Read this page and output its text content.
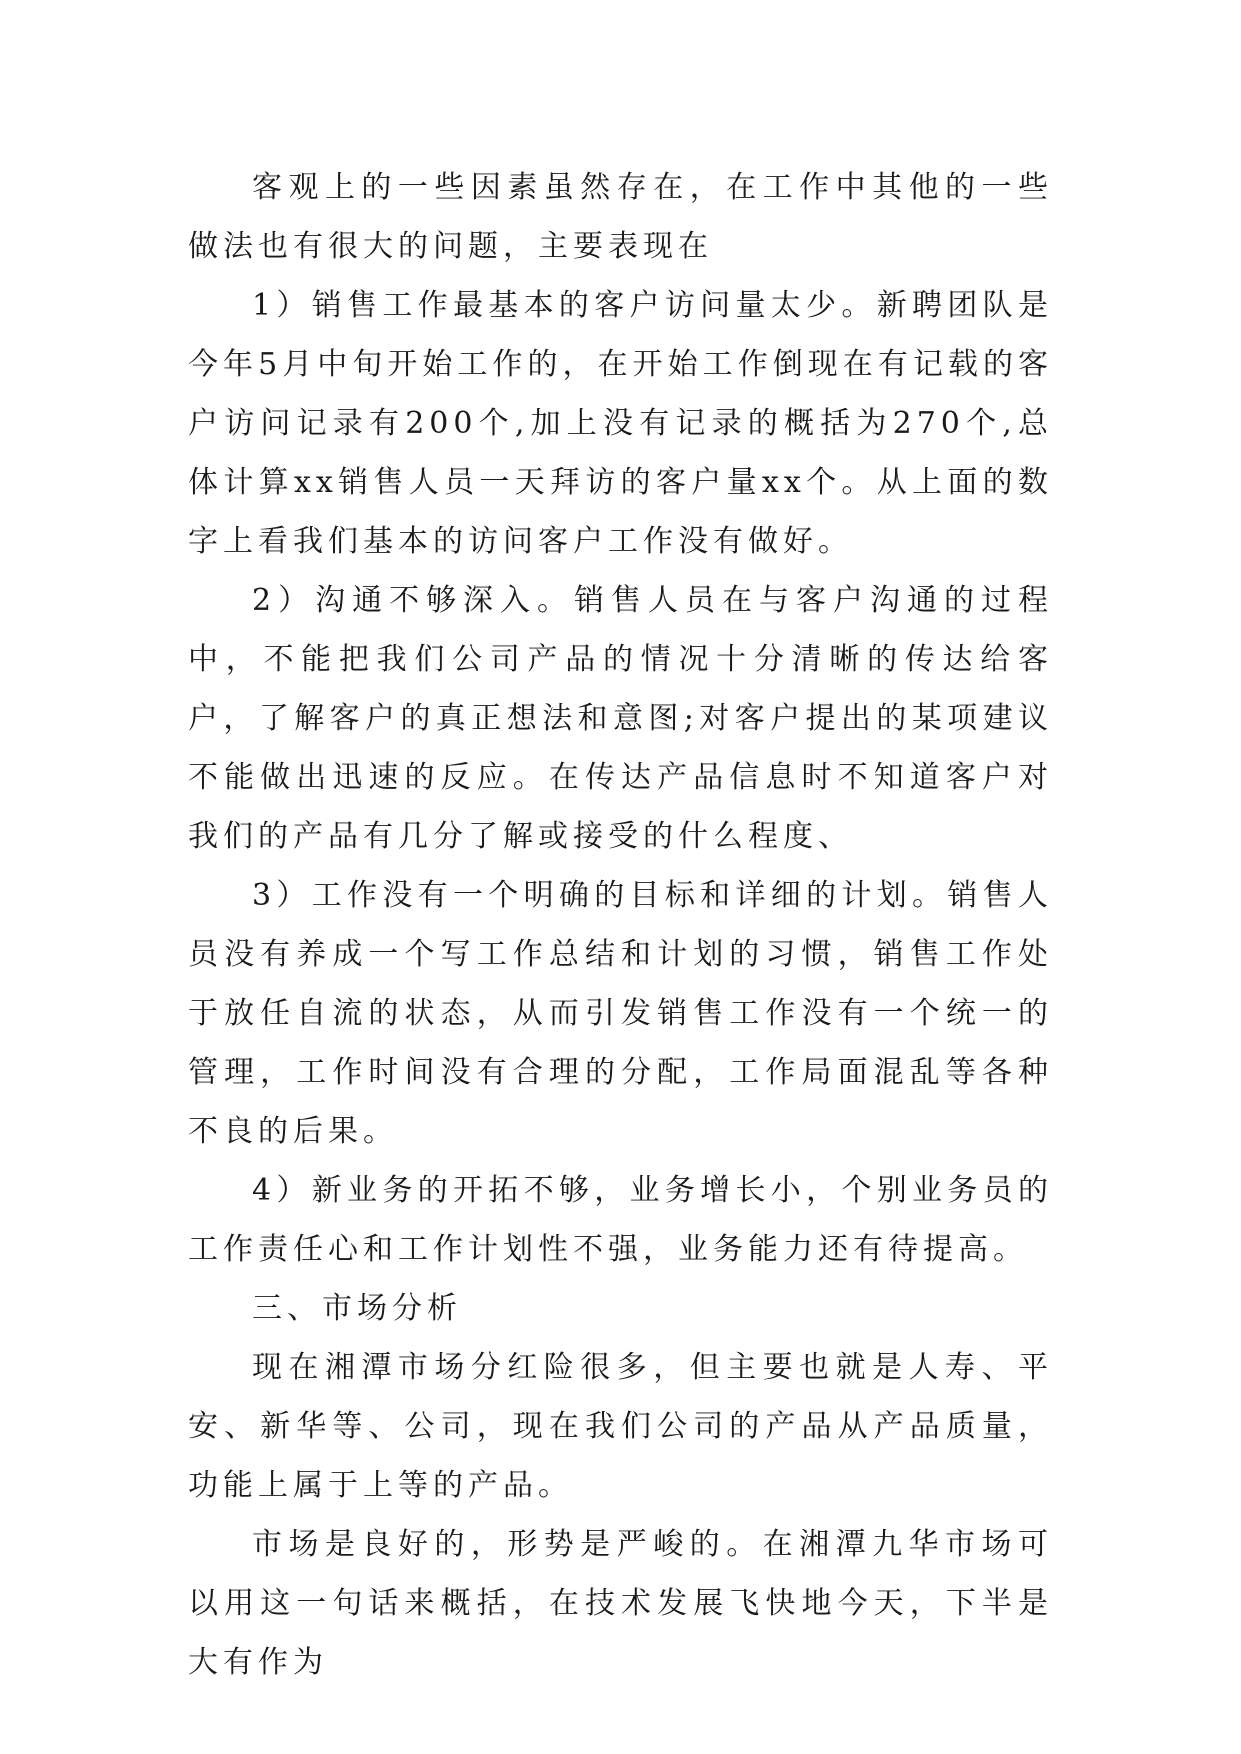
客观上的一些因素虽然存在，在工作中其他的一些做法也有很大的问题，主要表现在

1）销售工作最基本的客户访问量太少。新聘团队是今年5月中旬开始工作的，在开始工作倒现在有记载的客户访问记录有200个,加上没有记录的概括为270个,总体计算xx销售人员一天拜访的客户量xx个。从上面的数字上看我们基本的访问客户工作没有做好。

2）沟通不够深入。销售人员在与客户沟通的过程中，不能把我们公司产品的情况十分清晰的传达给客户，了解客户的真正想法和意图;对客户提出的某项建议不能做出迅速的反应。在传达产品信息时不知道客户对我们的产品有几分了解或接受的什么程度、

3）工作没有一个明确的目标和详细的计划。销售人员没有养成一个写工作总结和计划的习惯，销售工作处于放任自流的状态，从而引发销售工作没有一个统一的管理，工作时间没有合理的分配，工作局面混乱等各种不良的后果。

4）新业务的开拓不够，业务增长小，个别业务员的工作责任心和工作计划性不强，业务能力还有待提高。

三、市场分析

现在湘潭市场分红险很多，但主要也就是人寿、平安、新华等、公司，现在我们公司的产品从产品质量，功能上属于上等的产品。

市场是良好的，形势是严峻的。在湘潭九华市场可以用这一句话来概括，在技术发展飞快地今天，下半是大有作为
